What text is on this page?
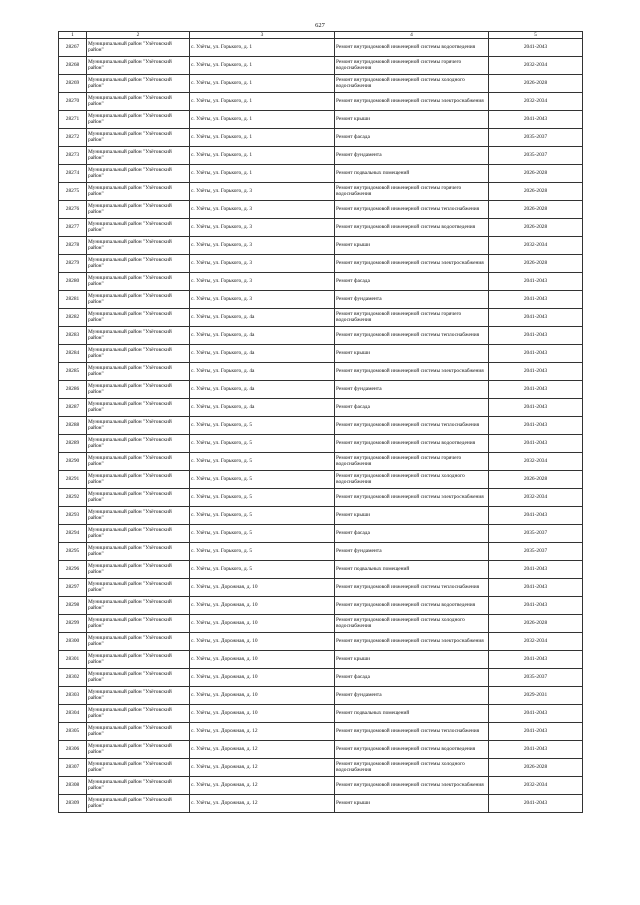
627
1	2	3	4	5
28267	Муниципальный район "Улётовский район"	с. Улёты, ул. Горького, д. 1	Ремонт внутридомовой инженерной системы водоотведения	2041-2043
28268	Муниципальный район "Улётовский район"	с. Улёты, ул. Горького, д. 1	Ремонт внутридомовой инженерной системы горячего водоснабжения	2032-2034
28269	Муниципальный район "Улётовский район"	с. Улёты, ул. Горького, д. 1	Ремонт внутридомовой инженерной системы холодного водоснабжения	2026-2028
28270	Муниципальный район "Улётовский район"	с. Улёты, ул. Горького, д. 1	Ремонт внутридомовой инженерной системы электроснабжения	2032-2034
28271	Муниципальный район "Улётовский район"	с. Улёты, ул. Горького, д. 1	Ремонт крыши	2041-2043
28272	Муниципальный район "Улётовский район"	с. Улёты, ул. Горького, д. 1	Ремонт фасада	2035-2037
28273	Муниципальный район "Улётовский район"	с. Улёты, ул. Горького, д. 1	Ремонт фундамента	2035-2037
28274	Муниципальный район "Улётовский район"	с. Улёты, ул. Горького, д. 1	Ремонт подвальных помещений	2026-2028
28275	Муниципальный район "Улётовский район"	с. Улёты, ул. Горького, д. 3	Ремонт внутридомовой инженерной системы горячего водоснабжения	2026-2028
28276	Муниципальный район "Улётовский район"	с. Улёты, ул. Горького, д. 3	Ремонт внутридомовой инженерной системы теплоснабжения	2026-2028
28277	Муниципальный район "Улётовский район"	с. Улёты, ул. Горького, д. 3	Ремонт внутридомовой инженерной системы водоотведения	2026-2028
28278	Муниципальный район "Улётовский район"	с. Улёты, ул. Горького, д. 3	Ремонт крыши	2032-2034
28279	Муниципальный район "Улётовский район"	с. Улёты, ул. Горького, д. 3	Ремонт внутридомовой инженерной системы электроснабжения	2026-2028
28280	Муниципальный район "Улётовский район"	с. Улёты, ул. Горького, д. 3	Ремонт фасада	2041-2043
28281	Муниципальный район "Улётовский район"	с. Улёты, ул. Горького, д. 3	Ремонт фундамента	2041-2043
28282	Муниципальный район "Улётовский район"	с. Улёты, ул. Горького, д. 4а	Ремонт внутридомовой инженерной системы горячего водоснабжения	2041-2043
28283	Муниципальный район "Улётовский район"	с. Улёты, ул. Горького, д. 4а	Ремонт внутридомовой инженерной системы теплоснабжения	2041-2043
28284	Муниципальный район "Улётовский район"	с. Улёты, ул. Горького, д. 4а	Ремонт крыши	2041-2043
28285	Муниципальный район "Улётовский район"	с. Улёты, ул. Горького, д. 4а	Ремонт внутридомовой инженерной системы электроснабжения	2041-2043
28286	Муниципальный район "Улётовский район"	с. Улёты, ул. Горького, д. 4а	Ремонт фундамента	2041-2043
28287	Муниципальный район "Улётовский район"	с. Улёты, ул. Горького, д. 4а	Ремонт фасада	2041-2043
28288	Муниципальный район "Улётовский район"	с. Улёты, ул. Горького, д. 5	Ремонт внутридомовой инженерной системы теплоснабжения	2041-2043
28289	Муниципальный район "Улётовский район"	с. Улёты, ул. Горького, д. 5	Ремонт внутридомовой инженерной системы водоотведения	2041-2043
28290	Муниципальный район "Улётовский район"	с. Улёты, ул. Горького, д. 5	Ремонт внутридомовой инженерной системы горячего водоснабжения	2032-2034
28291	Муниципальный район "Улётовский район"	с. Улёты, ул. Горького, д. 5	Ремонт внутридомовой инженерной системы холодного водоснабжения	2026-2028
28292	Муниципальный район "Улётовский район"	с. Улёты, ул. Горького, д. 5	Ремонт внутридомовой инженерной системы электроснабжения	2032-2034
28293	Муниципальный район "Улётовский район"	с. Улёты, ул. Горького, д. 5	Ремонт крыши	2041-2043
28294	Муниципальный район "Улётовский район"	с. Улёты, ул. Горького, д. 5	Ремонт фасада	2035-2037
28295	Муниципальный район "Улётовский район"	с. Улёты, ул. Горького, д. 5	Ремонт фундамента	2035-2037
28296	Муниципальный район "Улётовский район"	с. Улёты, ул. Горького, д. 5	Ремонт подвальных помещений	2041-2043
28297	Муниципальный район "Улётовский район"	с. Улёты, ул. Дорожная, д. 10	Ремонт внутридомовой инженерной системы теплоснабжения	2041-2043
28298	Муниципальный район "Улётовский район"	с. Улёты, ул. Дорожная, д. 10	Ремонт внутридомовой инженерной системы водоотведения	2041-2043
28299	Муниципальный район "Улётовский район"	с. Улёты, ул. Дорожная, д. 10	Ремонт внутридомовой инженерной системы холодного водоснабжения	2026-2028
28300	Муниципальный район "Улётовский район"	с. Улёты, ул. Дорожная, д. 10	Ремонт внутридомовой инженерной системы электроснабжения	2032-2034
28301	Муниципальный район "Улётовский район"	с. Улёты, ул. Дорожная, д. 10	Ремонт крыши	2041-2043
28302	Муниципальный район "Улётовский район"	с. Улёты, ул. Дорожная, д. 10	Ремонт фасада	2035-2037
28303	Муниципальный район "Улётовский район"	с. Улёты, ул. Дорожная, д. 10	Ремонт фундамента	2029-2031
28304	Муниципальный район "Улётовский район"	с. Улёты, ул. Дорожная, д. 10	Ремонт подвальных помещений	2041-2043
28305	Муниципальный район "Улётовский район"	с. Улёты, ул. Дорожная, д. 12	Ремонт внутридомовой инженерной системы теплоснабжения	2041-2043
28306	Муниципальный район "Улётовский район"	с. Улёты, ул. Дорожная, д. 12	Ремонт внутридомовой инженерной системы водоотведения	2041-2043
28307	Муниципальный район "Улётовский район"	с. Улёты, ул. Дорожная, д. 12	Ремонт внутридомовой инженерной системы холодного водоснабжения	2026-2028
28308	Муниципальный район "Улётовский район"	с. Улёты, ул. Дорожная, д. 12	Ремонт внутридомовой инженерной системы электроснабжения	2032-2034
28309	Муниципальный район "Улётовский район"	с. Улёты, ул. Дорожная, д. 12	Ремонт крыши	2041-2043
